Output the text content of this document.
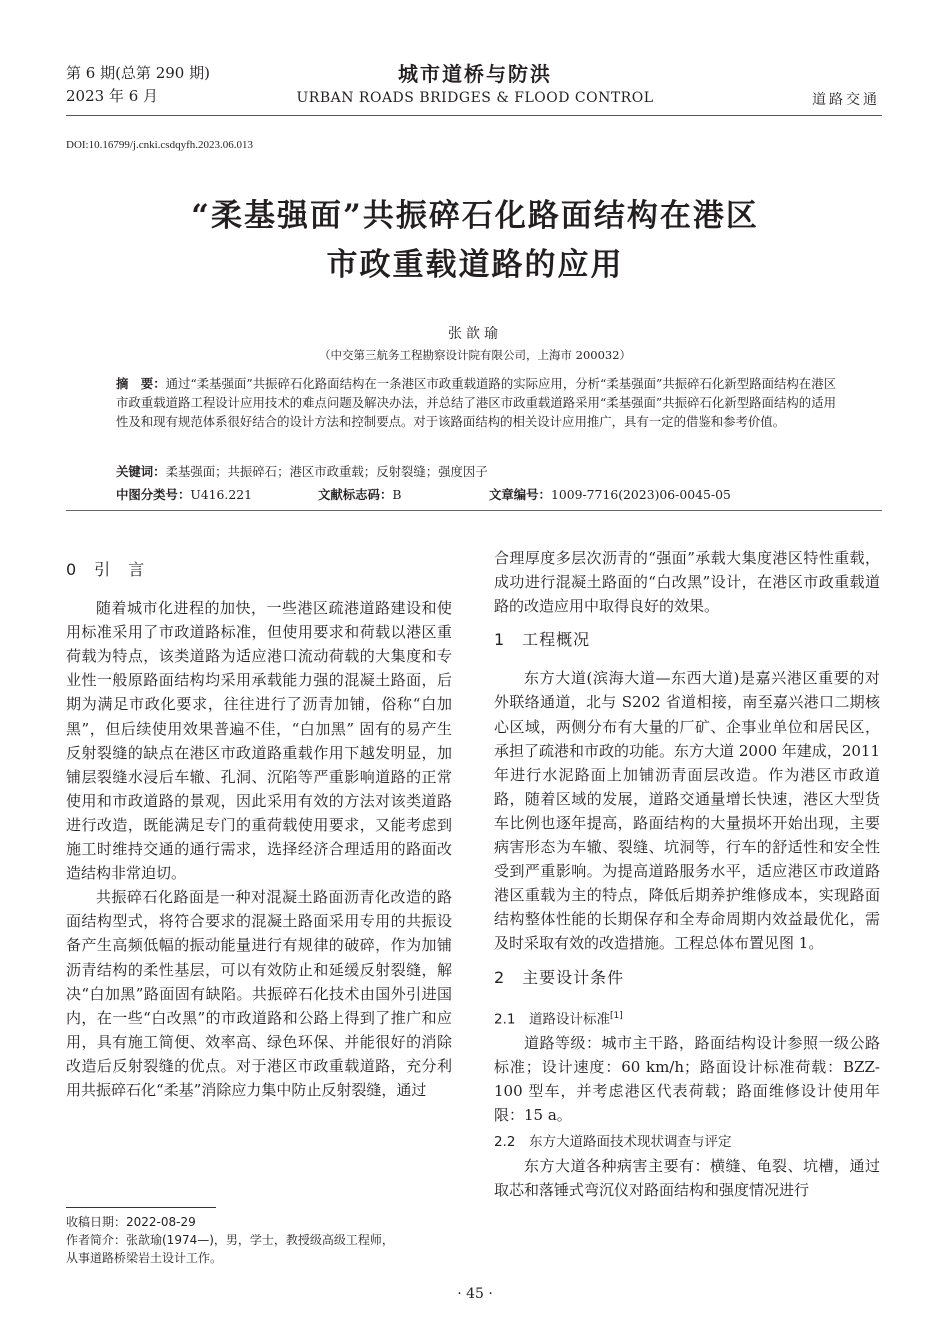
第 6 期(总第 290 期)
2023 年 6 月
城市道桥与防洪
URBAN ROADS BRIDGES & FLOOD CONTROL	道路交通
DOI:10.16799/j.cnki.csdqyfh.2023.06.013
“柔基强面”共振碎石化路面结构在港区
市政重载道路的应用
张歆瑜
（中交第三航务工程勘察设计院有限公司，上海市 200032）
摘　要：通过“柔基强面”共振碎石化路面结构在一条港区市政重载道路的实际应用，分析“柔基强面”共振碎石化新型路面结构在港区市政重载道路工程设计应用技术的难点问题及解决办法，并总结了港区市政重载道路采用“柔基强面”共振碎石化新型路面结构的适用性及和现有规范体系很好结合的设计方法和控制要点。对于该路面结构的相关设计应用推广，具有一定的借鉴和参考价值。
关键词：柔基强面；共振碎石；港区市政重载；反射裂缝；强度因子
中图分类号：U416.221	文献标志码：B	文章编号：1009-7716(2023)06-0045-05
0　引　言

随着城市化进程的加快，一些港区疏港道路建设和使用标准采用了市政道路标准，但使用要求和荷载以港区重荷载为特点，该类道路为适应港口流动荷载的大集度和专业性一般原路面结构均采用承载能力强的混凝土路面，后期为满足市政化要求，往往进行了沥青加铺，俗称“白加黑”，但后续使用效果普遍不佳，“白加黑” 固有的易产生反射裂缝的缺点在港区市政道路重载作用下越发明显，加铺层裂缝水浸后车辙、孔洞、沉陷等严重影响道路的正常使用和市政道路的景观，因此采用有效的方法对该类道路进行改造，既能满足专门的重荷载使用要求，又能考虑到施工时维持交通的通行需求，选择经济合理适用的路面改造结构非常迫切。

共振碎石化路面是一种对混凝土路面沥青化改造的路面结构型式，将符合要求的混凝土路面采用专用的共振设备产生高频低幅的振动能量进行有规律的破碎，作为加铺沥青结构的柔性基层，可以有效防止和延缓反射裂缝，解决“白加黑”路面固有缺陷。共振碎石化技术由国外引进国内，在一些“白改黑”的市政道路和公路上得到了推广和应用，具有施工简便、效率高、绿色环保、并能很好的消除改造后反射裂缝的优点。对于港区市政重载道路，充分利用共振碎石化“柔基”消除应力集中防止反射裂缝，通过

合理厚度多层次沥青的“强面”承载大集度港区特性重载，成功进行混凝土路面的“白改黑”设计，在港区市政重载道路的改造应用中取得良好的效果。

1　工程概况

东方大道(滨海大道—东西大道)是嘉兴港区重要的对外联络通道，北与 S202 省道相接，南至嘉兴港口二期核心区域，两侧分布有大量的厂矿、企事业单位和居民区，承担了疏港和市政的功能。东方大道 2000 年建成，2011 年进行水泥路面上加铺沥青面层改造。作为港区市政道路，随着区域的发展，道路交通量增长快速，港区大型货车比例也逐年提高，路面结构的大量损坏开始出现，主要病害形态为车辙、裂缝、坑洞等，行车的舒适性和安全性受到严重影响。为提高道路服务水平，适应港区市政道路港区重载为主的特点，降低后期养护维修成本，实现路面结构整体性能的长期保存和全寿命周期内效益最优化，需及时采取有效的改造措施。工程总体布置见图 1。

2　主要设计条件
2.1　道路设计标准[1]

道路等级：城市主干路，路面结构设计参照一级公路标准；设计速度：60 km/h；路面设计标准荷载：BZZ-100 型车，并考虑港区代表荷载；路面维修设计使用年限：15 a。

2.2　东方大道路面技术现状调查与评定

东方大道各种病害主要有：横缝、龟裂、坑槽，通过取芯和落锤式弯沉仪对路面结构和强度情况进行

收稿日期：2022-08-29
作者简介：张歆瑜(1974—)，男，学士，教授级高级工程师，
从事道路桥梁岩土设计工作。
· 45 ·
